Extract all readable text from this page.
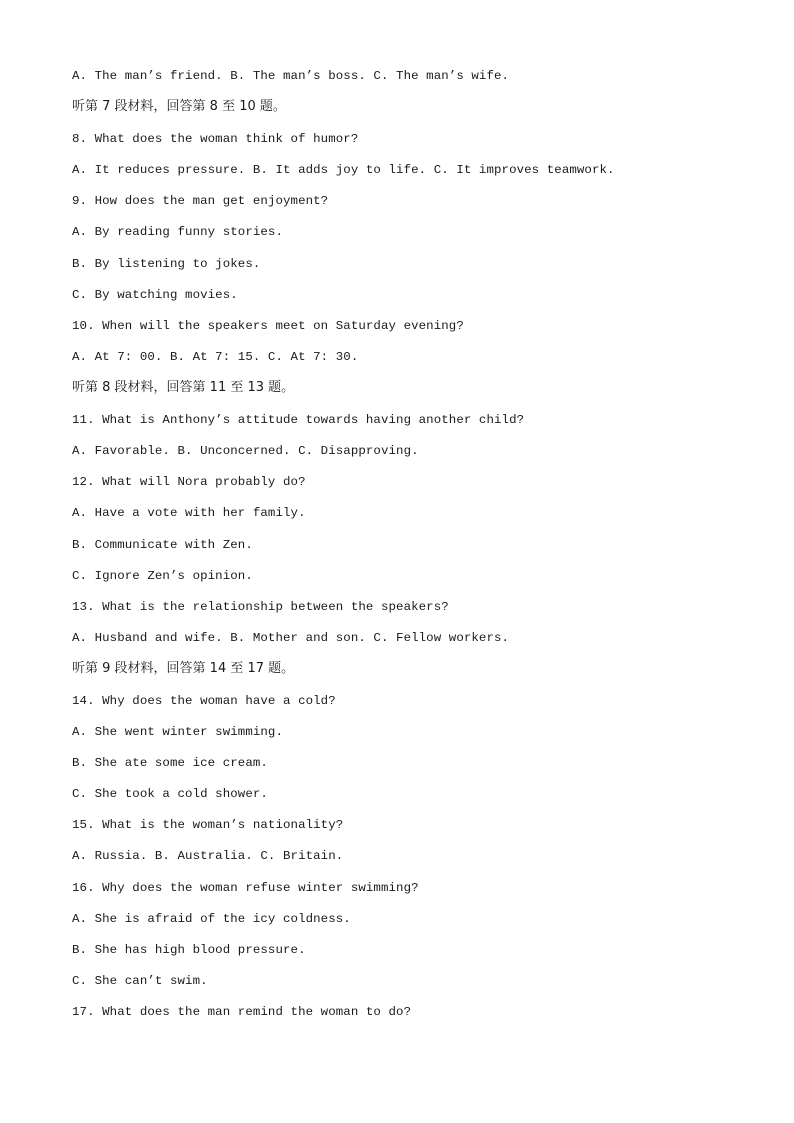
A. The man’s friend. B. The man’s boss. C. The man’s wife.
听第 7 段材料，回答第 8 至 10 题。
8. What does the woman think of humor?
A. It reduces pressure. B. It adds joy to life. C. It improves teamwork.
9. How does the man get enjoyment?
A. By reading funny stories.
B. By listening to jokes.
C. By watching movies.
10. When will the speakers meet on Saturday evening?
A. At 7: 00. B. At 7: 15. C. At 7: 30.
听第 8 段材料，回答第 11 至 13 题。
11. What is Anthony’s attitude towards having another child?
A. Favorable. B. Unconcerned. C. Disapproving.
12. What will Nora probably do?
A. Have a vote with her family.
B. Communicate with Zen.
C. Ignore Zen’s opinion.
13. What is the relationship between the speakers?
A. Husband and wife. B. Mother and son. C. Fellow workers.
听第 9 段材料，回答第 14 至 17 题。
14. Why does the woman have a cold?
A. She went winter swimming.
B. She ate some ice cream.
C. She took a cold shower.
15. What is the woman’s nationality?
A. Russia. B. Australia. C. Britain.
16. Why does the woman refuse winter swimming?
A. She is afraid of the icy coldness.
B. She has high blood pressure.
C. She can’t swim.
17. What does the man remind the woman to do?
